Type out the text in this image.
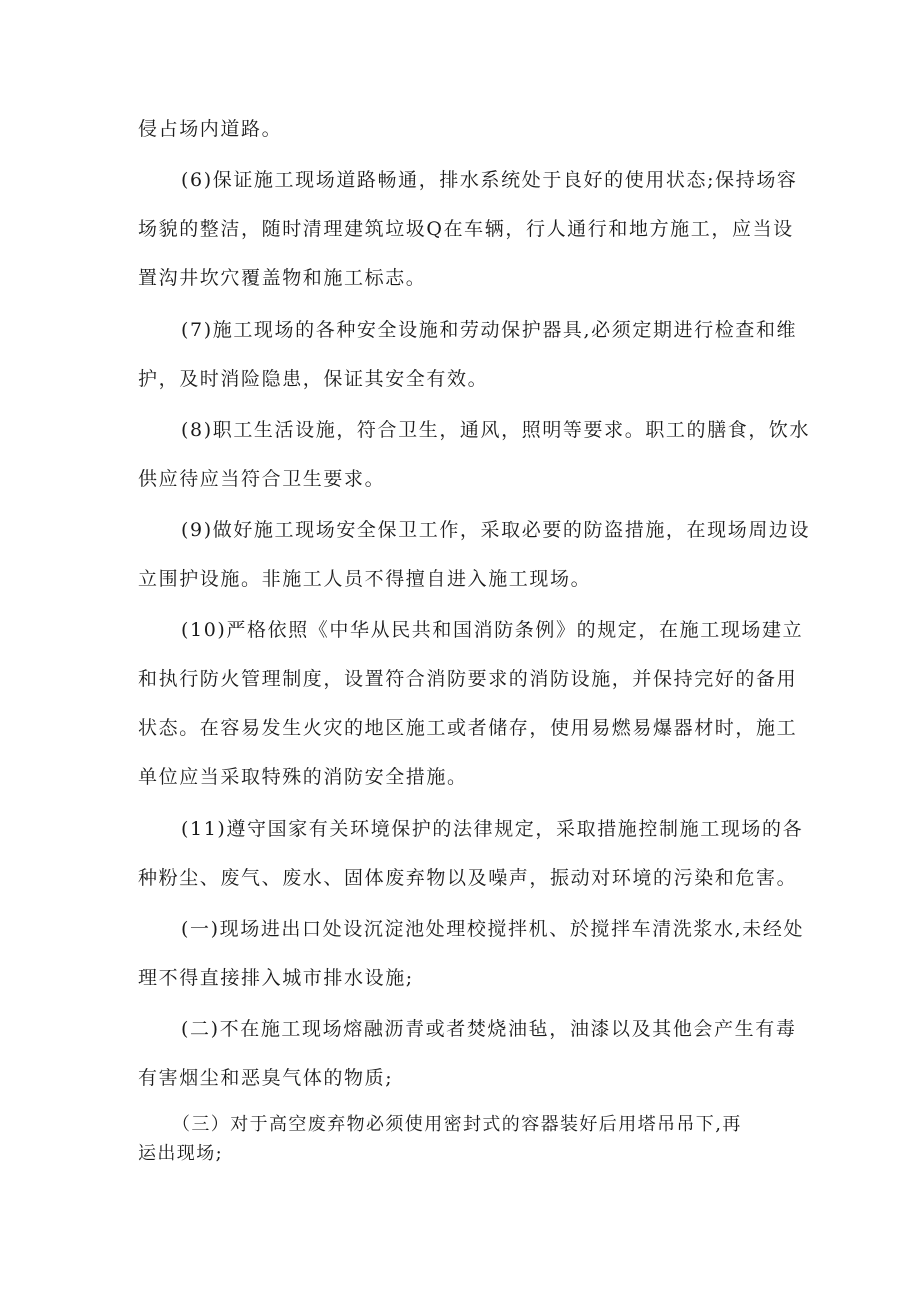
侵占场内道路。
(6)保证施工现场道路畅通，排水系统处于良好的使用状态;保持场容
场貌的整洁，随时清理建筑垃圾Q在车辆，行人通行和地方施工，应当设
置沟井坎穴覆盖物和施工标志。
(7)施工现场的各种安全设施和劳动保护器具,必须定期进行检查和维
护，及时消险隐患，保证其安全有效。
(8)职工生活设施，符合卫生，通风，照明等要求。职工的膳食，饮水
供应待应当符合卫生要求。
(9)做好施工现场安全保卫工作，采取必要的防盗措施，在现场周边设
立围护设施。非施工人员不得擅自进入施工现场。
(10)严格依照《中华从民共和国消防条例》的规定，在施工现场建立
和执行防火管理制度，设置符合消防要求的消防设施，并保持完好的备用
状态。在容易发生火灾的地区施工或者储存，使用易燃易爆器材时，施工
单位应当采取特殊的消防安全措施。
(11)遵守国家有关环境保护的法律规定，采取措施控制施工现场的各
种粉尘、废气、废水、固体废弃物以及噪声，振动对环境的污染和危害。
(一)现场进出口处设沉淀池处理校搅拌机、於搅拌车清洗浆水,未经处
理不得直接排入城市排水设施;
(二)不在施工现场熔融沥青或者焚烧油毡，油漆以及其他会产生有毒
有害烟尘和恶臭气体的物质;
（三）对于高空废弃物必须使用密封式的容器装好后用塔吊吊下,再
运出现场;
